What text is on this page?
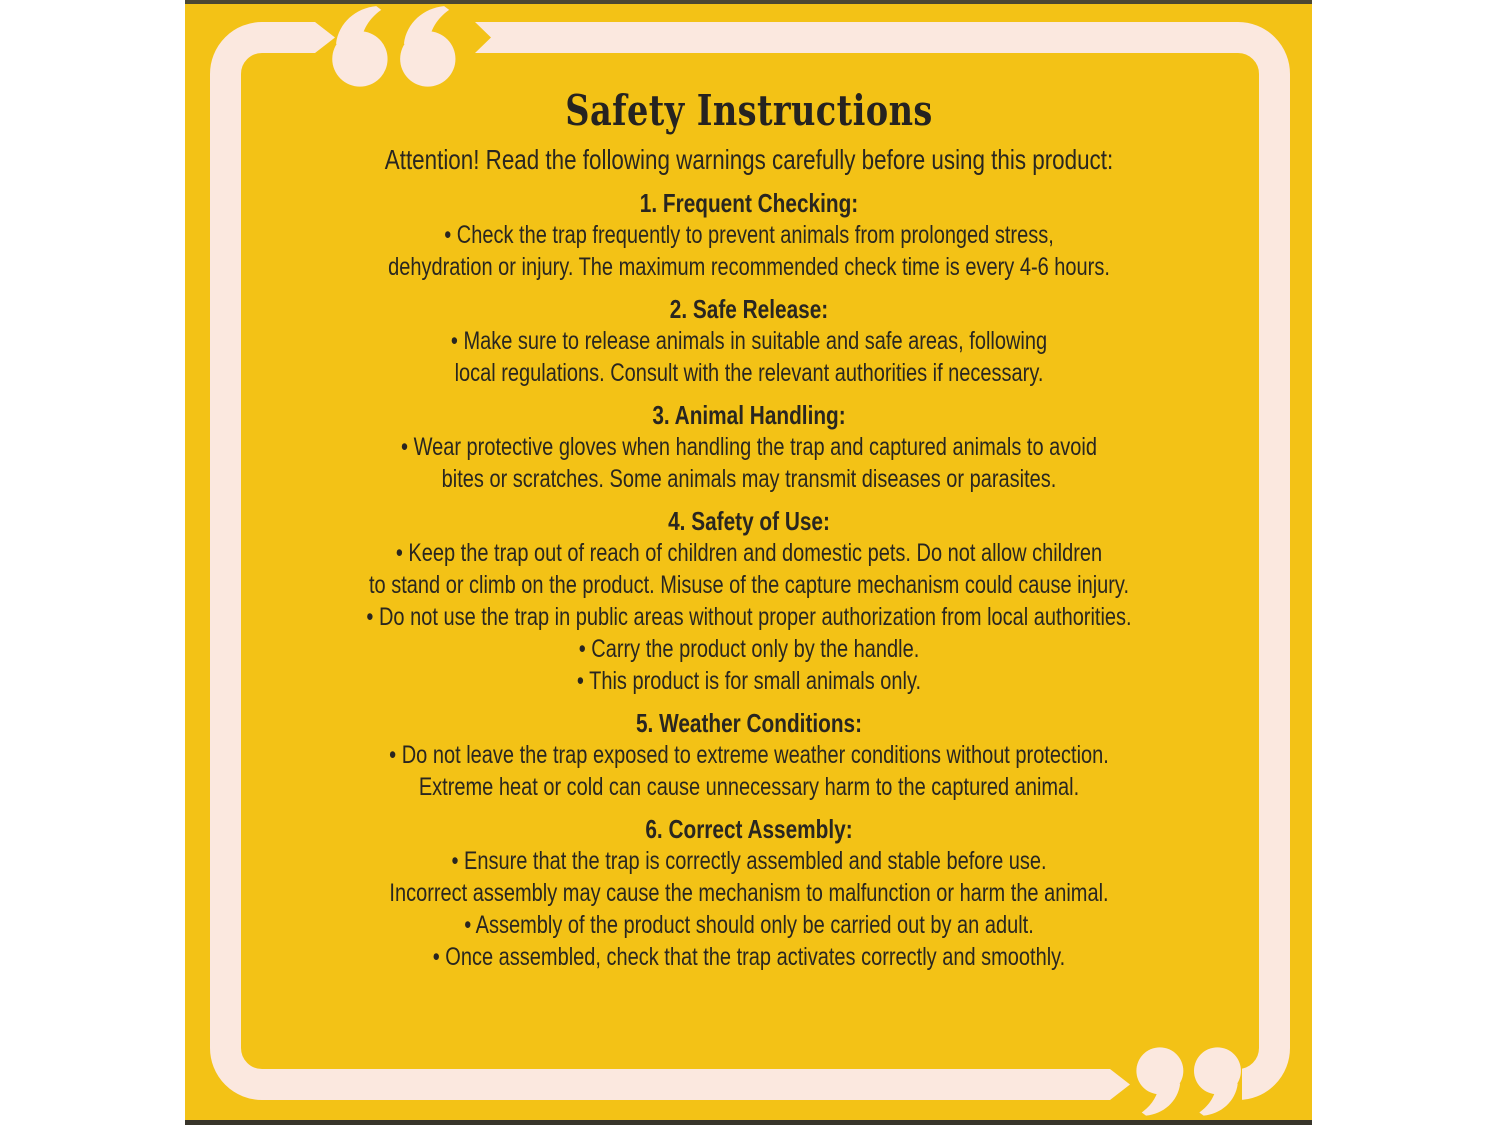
Safety Instructions
Attention! Read the following warnings carefully before using this product:
1. Frequent Checking:
• Check the trap frequently to prevent animals from prolonged stress,
dehydration or injury. The maximum recommended check time is every 4-6 hours.
2. Safe Release:
• Make sure to release animals in suitable and safe areas, following
local regulations. Consult with the relevant authorities if necessary.
3. Animal Handling:
• Wear protective gloves when handling the trap and captured animals to avoid
bites or scratches. Some animals may transmit diseases or parasites.
4. Safety of Use:
• Keep the trap out of reach of children and domestic pets. Do not allow children
to stand or climb on the product. Misuse of the capture mechanism could cause injury.
• Do not use the trap in public areas without proper authorization from local authorities.
• Carry the product only by the handle.
• This product is for small animals only.
5. Weather Conditions:
• Do not leave the trap exposed to extreme weather conditions without protection.
Extreme heat or cold can cause unnecessary harm to the captured animal.
6. Correct Assembly:
• Ensure that the trap is correctly assembled and stable before use.
Incorrect assembly may cause the mechanism to malfunction or harm the animal.
• Assembly of the product should only be carried out by an adult.
• Once assembled, check that the trap activates correctly and smoothly.
